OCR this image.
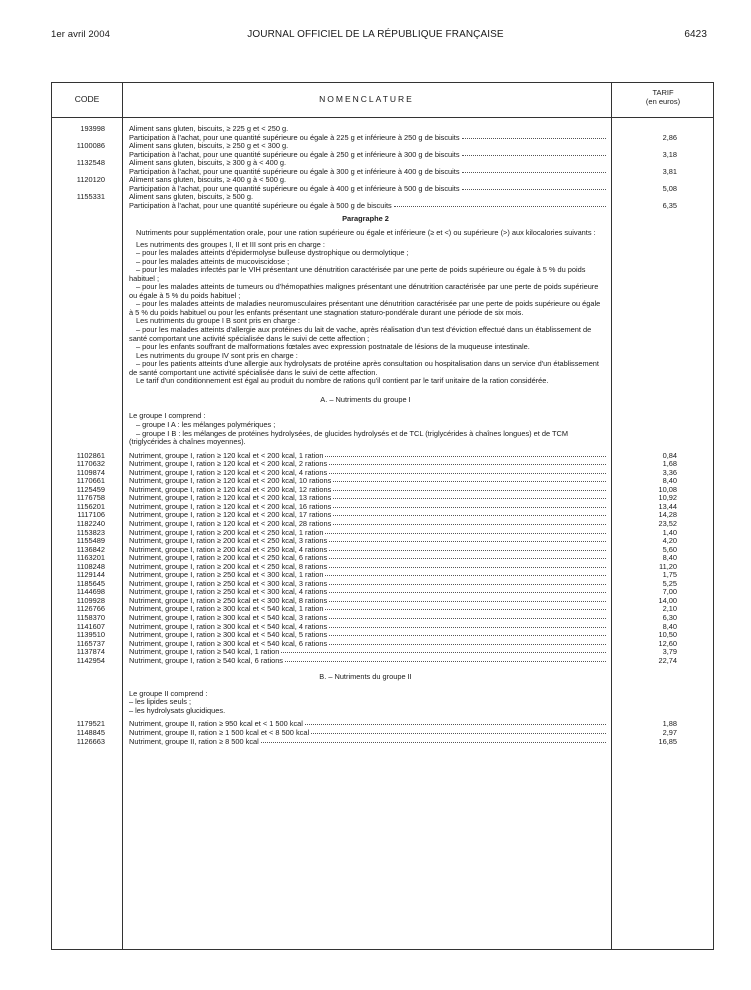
1er avril 2004	JOURNAL OFFICIEL DE LA RÉPUBLIQUE FRANÇAISE	6423
CODE	NOMENCLATURE
TARIF
(en euros)
193998	Aliment sans gluten, biscuits, ≥ 225 g et < 250 g.
Participation à l'achat, pour une quantité supérieure ou égale à 225 g et inférieure à 250 g de biscuits
	2,86
1100086	Aliment sans gluten, biscuits, ≥ 250 g et < 300 g.
Participation à l'achat, pour une quantité supérieure ou égale à 250 g et inférieure à 300 g de biscuits
	3,18
1132548	Aliment sans gluten, biscuits, ≥ 300 g à < 400 g.
Participation à l'achat, pour une quantité supérieure ou égale à 300 g et inférieure à 400 g de biscuits
	3,81
1120120	Aliment sans gluten, biscuits, ≥ 400 g à < 500 g.
Participation à l'achat, pour une quantité supérieure ou égale à 400 g et inférieure à 500 g de biscuits
	5,08
1155331	Aliment sans gluten, biscuits, ≥ 500 g.
Participation à l'achat, pour une quantité supérieure ou égale à 500 g de biscuits
	6,35
Paragraphe 2

Nutriments pour supplémentation orale, pour une ration supérieure ou égale et inférieure (≥ et <) ou supérieure (>) aux kilocalories suivants :

Les nutriments des groupes I, II et III sont pris en charge :

– pour les malades atteints d'épidermolyse bulleuse dystrophique ou dermolytique ;

– pour les malades atteints de mucoviscidose ;

– pour les malades infectés par le VIH présentant une dénutrition caractérisée par une perte de poids supérieure ou égale à 5 % du poids habituel ;

– pour les malades atteints de tumeurs ou d'hémopathies malignes présentant une dénutrition caractérisée par une perte de poids supérieure ou égale à 5 % du poids habituel ;

– pour les malades atteints de maladies neuromusculaires présentant une dénutrition caractérisée par une perte de poids supérieure ou égale à 5 % du poids habituel ou pour les enfants présentant une stagnation staturo-pondérale durant une période de six mois.

Les nutriments du groupe I B sont pris en charge :

– pour les malades atteints d'allergie aux protéines du lait de vache, après réalisation d'un test d'éviction effectué dans un établissement de santé comportant une activité spécialisée dans le suivi de cette affection ;

– pour les enfants souffrant de malformations fœtales avec expression postnatale de lésions de la muqueuse intestinale.

Les nutriments du groupe IV sont pris en charge :

– pour les patients atteints d'une allergie aux hydrolysats de protéine après consultation ou hospitalisation dans un service d'un établissement de santé comportant une activité spécialisée dans le suivi de cette affection.

Le tarif d'un conditionnement est égal au produit du nombre de rations qu'il contient par le tarif unitaire de la ration considérée.

A. – Nutriments du groupe I

Le groupe I comprend :

– groupe I A : les mélanges polymériques ;

– groupe I B : les mélanges de protéines hydrolysées, de glucides hydrolysés et de TCL (triglycérides à chaînes longues) et de TCM (triglycérides à chaînes moyennes).

1102861	Nutriment, groupe I, ration ≥ 120 kcal et < 200 kcal, 1 ration	0,84
1170632	Nutriment, groupe I, ration ≥ 120 kcal et < 200 kcal, 2 rations	1,68
1109874	Nutriment, groupe I, ration ≥ 120 kcal et < 200 kcal, 4 rations	3,36
1170661	Nutriment, groupe I, ration ≥ 120 kcal et < 200 kcal, 10 rations	8,40
1125459	Nutriment, groupe I, ration ≥ 120 kcal et < 200 kcal, 12 rations	10,08
1176758	Nutriment, groupe I, ration ≥ 120 kcal et < 200 kcal, 13 rations	10,92
1156201	Nutriment, groupe I, ration ≥ 120 kcal et < 200 kcal, 16 rations	13,44
1117106	Nutriment, groupe I, ration ≥ 120 kcal et < 200 kcal, 17 rations	14,28
1182240	Nutriment, groupe I, ration ≥ 120 kcal et < 200 kcal, 28 rations	23,52
1153823	Nutriment, groupe I, ration ≥ 200 kcal et < 250 kcal, 1 ration	1,40
1155489	Nutriment, groupe I, ration ≥ 200 kcal et < 250 kcal, 3 rations	4,20
1136842	Nutriment, groupe I, ration ≥ 200 kcal et < 250 kcal, 4 rations	5,60
1163201	Nutriment, groupe I, ration ≥ 200 kcal et < 250 kcal, 6 rations	8,40
1108248	Nutriment, groupe I, ration ≥ 200 kcal et < 250 kcal, 8 rations	11,20
1129144	Nutriment, groupe I, ration ≥ 250 kcal et < 300 kcal, 1 ration	1,75
1185645	Nutriment, groupe I, ration ≥ 250 kcal et < 300 kcal, 3 rations	5,25
1144698	Nutriment, groupe I, ration ≥ 250 kcal et < 300 kcal, 4 rations	7,00
1109928	Nutriment, groupe I, ration ≥ 250 kcal et < 300 kcal, 8 rations	14,00
1126766	Nutriment, groupe I, ration ≥ 300 kcal et < 540 kcal, 1 ration	2,10
1158370	Nutriment, groupe I, ration ≥ 300 kcal et < 540 kcal, 3 rations	6,30
1141607	Nutriment, groupe I, ration ≥ 300 kcal et < 540 kcal, 4 rations	8,40
1139510	Nutriment, groupe I, ration ≥ 300 kcal et < 540 kcal, 5 rations	10,50
1165737	Nutriment, groupe I, ration ≥ 300 kcal et < 540 kcal, 6 rations	12,60
1137874	Nutriment, groupe I, ration ≥ 540 kcal, 1 ration	3,79
1142954	Nutriment, groupe I, ration ≥ 540 kcal, 6 rations	22,74
B. – Nutriments du groupe II

Le groupe II comprend :

– les lipides seuls ;

– les hydrolysats glucidiques.

1179521	Nutriment, groupe II, ration ≥ 950 kcal et < 1 500 kcal	1,88
1148845	Nutriment, groupe II, ration ≥ 1 500 kcal et < 8 500 kcal	2,97
1126663	Nutriment, groupe II, ration ≥ 8 500 kcal	16,85
